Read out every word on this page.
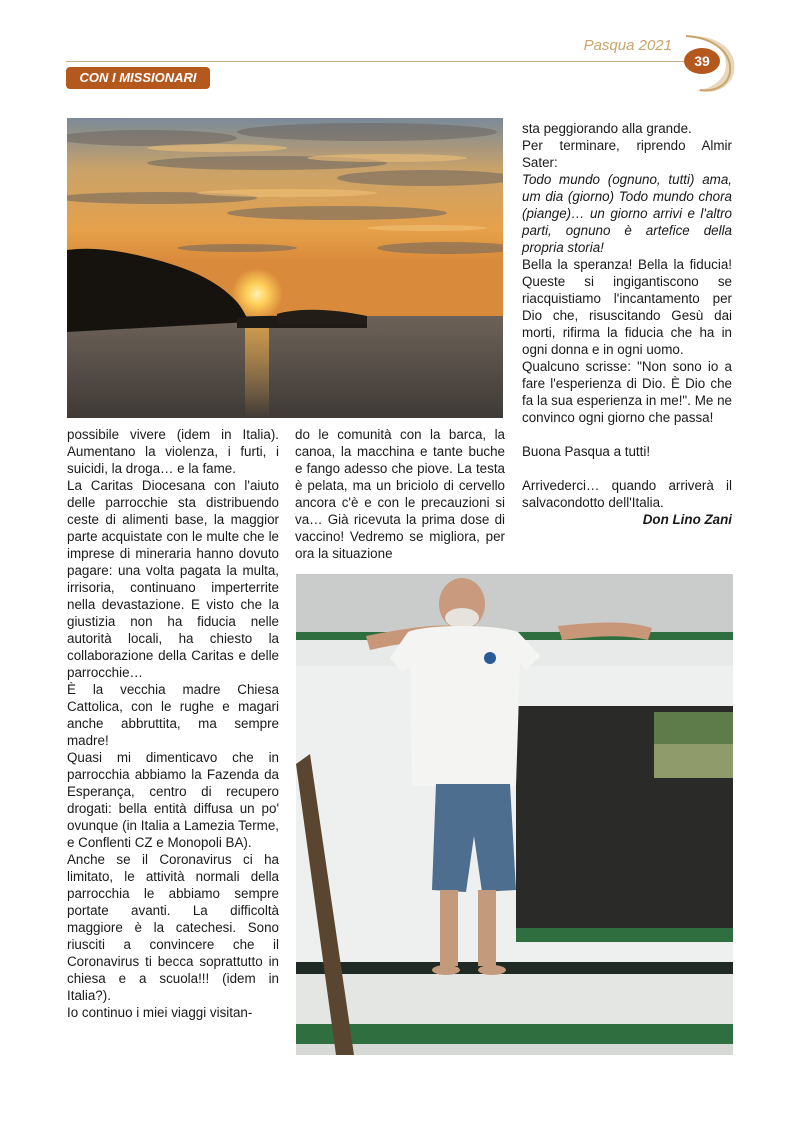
Pasqua 2021
39
CON I MISSIONARI

possibile vivere (idem in Italia). Aumentano la violenza, i furti, i suicidi, la droga… e la fame.

La Caritas Diocesana con l'aiuto delle parrocchie sta distribuendo ceste di alimenti base, la maggior parte acquistate con le multe che le imprese di mineraria hanno dovuto pagare: una volta pagata la multa, irrisoria, continuano imperterrite nella devastazione. E visto che la giustizia non ha fiducia nelle autorità locali, ha chiesto la collaborazione della Caritas e delle parrocchie…

È la vecchia madre Chiesa Cattolica, con le rughe e magari anche abbruttita, ma sempre madre!

Quasi mi dimenticavo che in parrocchia abbiamo la Fazenda da Esperança, centro di recupero drogati: bella entità diffusa un po' ovunque (in Italia a Lamezia Terme, e Conflenti CZ e Monopoli BA).

Anche se il Coronavirus ci ha limitato, le attività normali della parrocchia le abbiamo sempre portate avanti. La difficoltà maggiore è la catechesi. Sono riusciti a convincere che il Coronavirus ti becca soprattutto in chiesa e a scuola!!! (idem in Italia?).

Io continuo i miei viaggi visitan-

do le comunità con la barca, la canoa, la macchina e tante buche e fango adesso che piove. La testa è pelata, ma un briciolo di cervello ancora c'è e con le precauzioni si va… Già ricevuta la prima dose di vaccino! Vedremo se migliora, per ora la situazione

sta peggiorando alla grande.

Per terminare, riprendo Almir Sater:

Todo mundo (ognuno, tutti) ama, um dia (giorno) Todo mundo chora (piange)… un giorno arrivi e l'altro parti, ognuno è artefice della propria storia!

Bella la speranza! Bella la fiducia! Queste si ingigantiscono se riacquistiamo l'incantamento per Dio che, risuscitando Gesù dai morti, rifirma la fiducia che ha in ogni donna e in ogni uomo.

Qualcuno scrisse: "Non sono io a fare l'esperienza di Dio. È Dio che fa la sua esperienza in me!". Me ne convinco ogni giorno che passa!

Buona Pasqua a tutti!

Arrivederci… quando arriverà il salvacondotto dell'Italia.

Don Lino Zani
